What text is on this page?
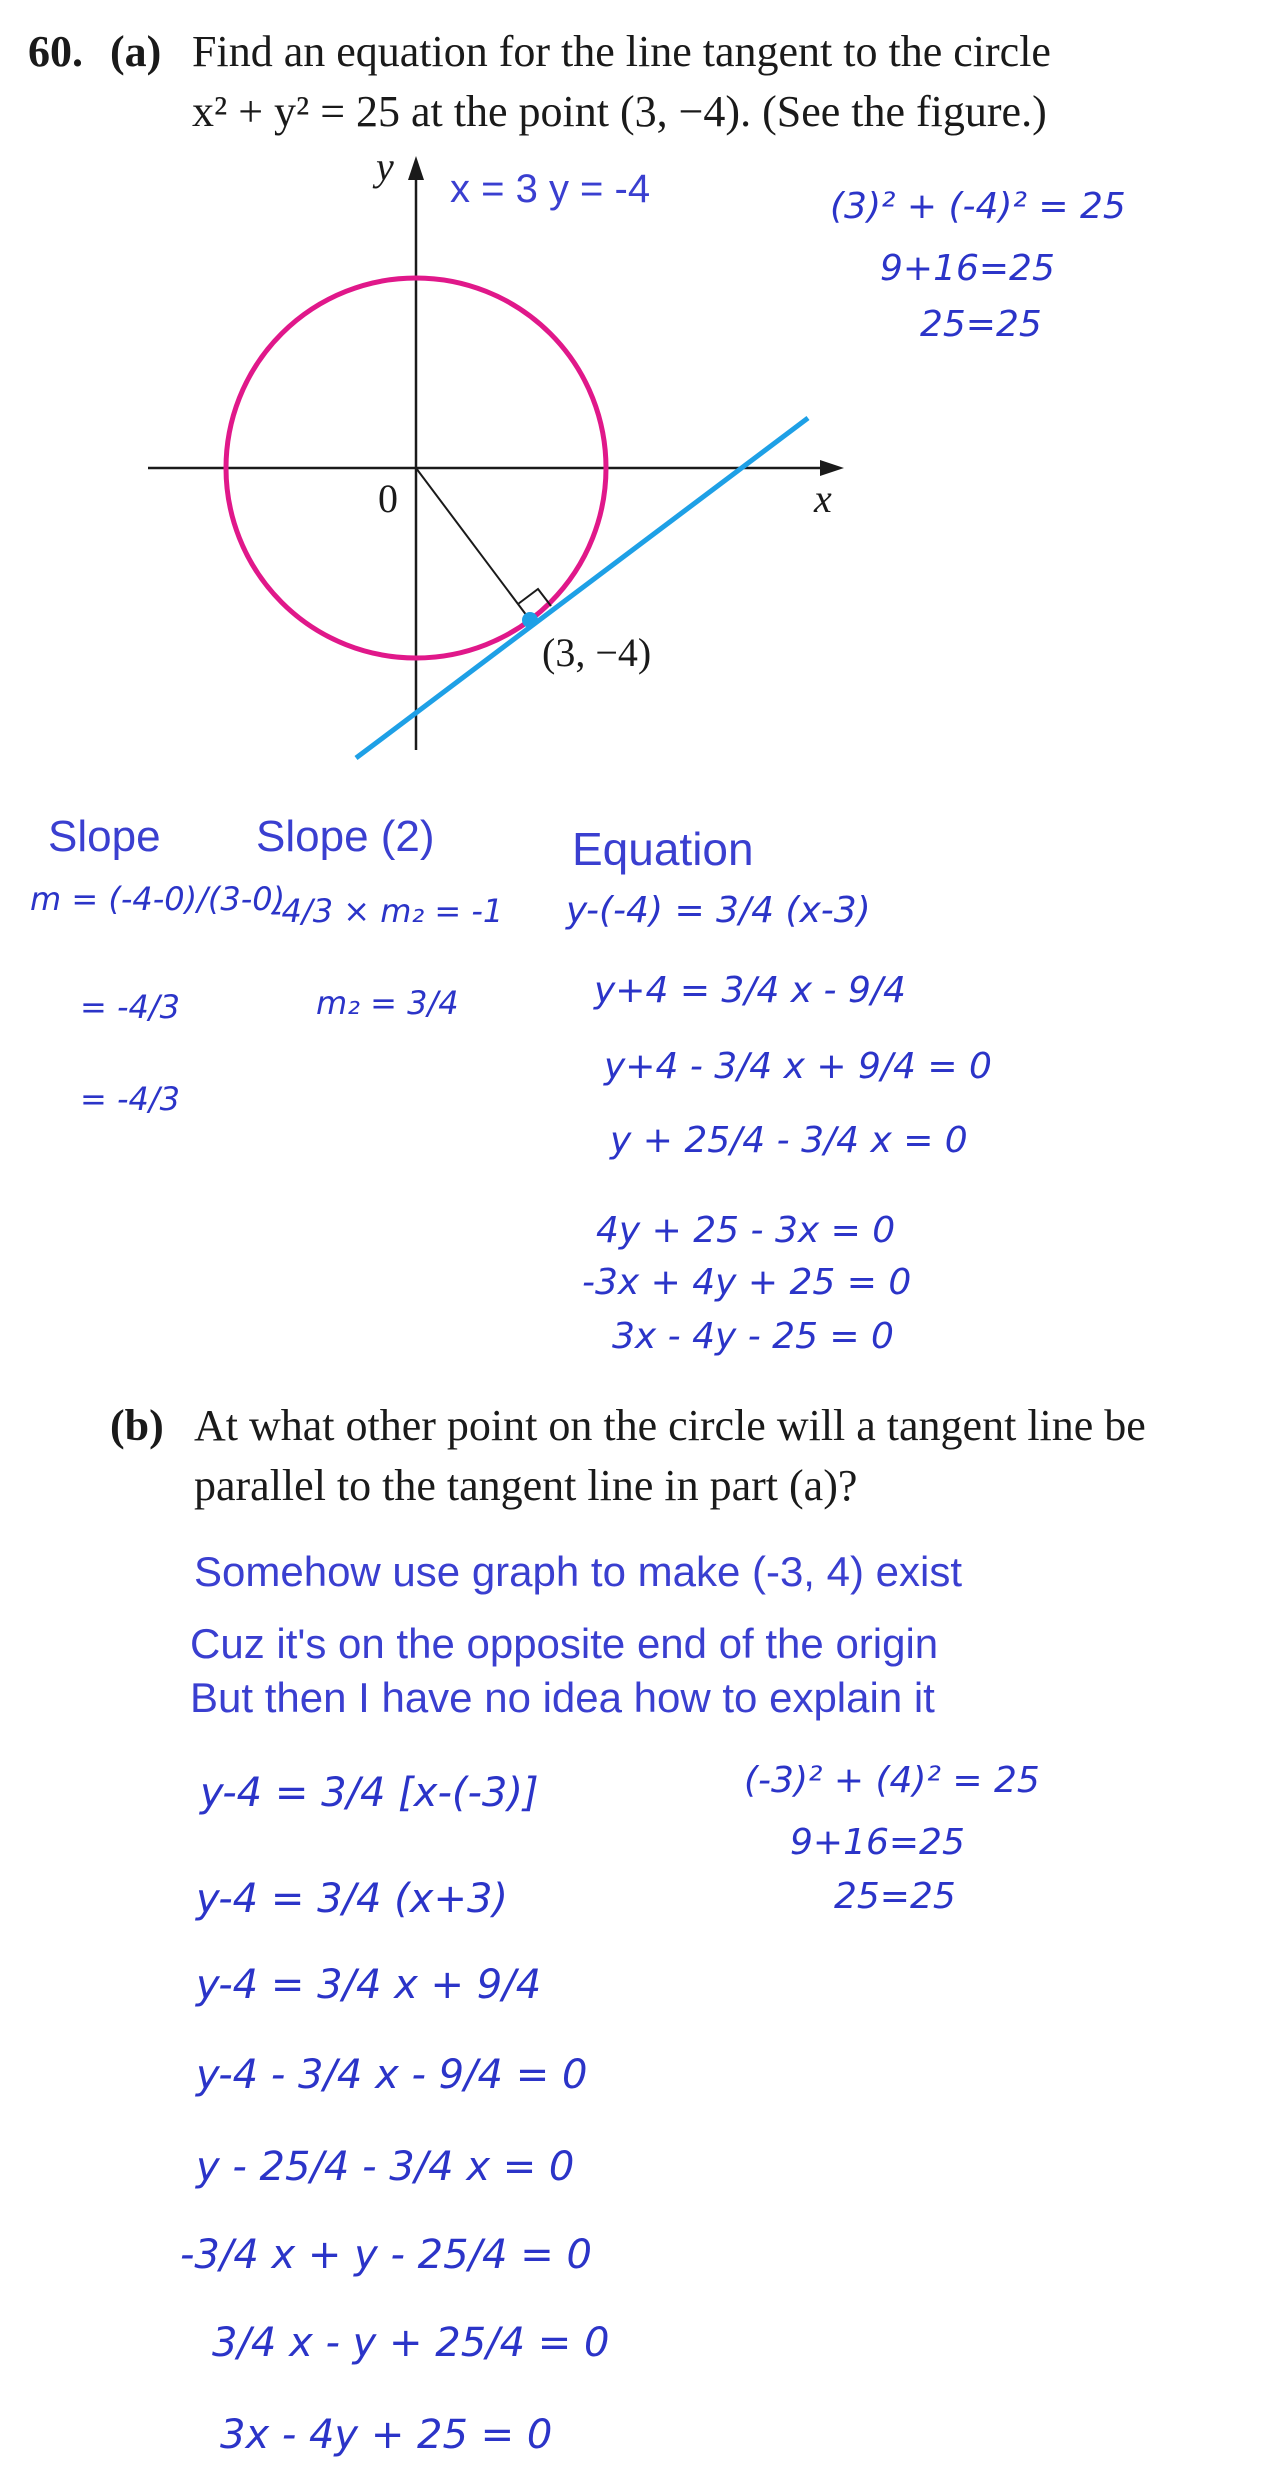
60. (a) Find an equation for the line tangent to the circle
x² + y² = 25 at the point (3, −4). (See the figure.)
y
x
0
(3, −4)
x = 3 y = -4	(3)² + (-4)² = 25
9+16=25
25=25
Slope
m = (-4-0)/(3-0)
= -4/3
= -4/3
Slope (2)
-4/3 × m₂ = -1
m₂ = 3/4
Equation
y-(-4) = 3/4 (x-3)
y+4 = 3/4 x - 9/4
y+4 - 3/4 x + 9/4 = 0
y + 25/4 - 3/4 x = 0
4y + 25 - 3x = 0
-3x + 4y + 25 = 0
3x - 4y - 25 = 0
(b) At what other point on the circle will a tangent line be
parallel to the tangent line in part (a)?
Somehow use graph to make (-3, 4) exist
Cuz it's on the opposite end of the origin
But then I have no idea how to explain it
y-4 = 3/4 [x-(-3)]
y-4 = 3/4 (x+3)
y-4 = 3/4 x + 9/4
y-4 - 3/4 x - 9/4 = 0
y - 25/4 - 3/4 x = 0
-3/4 x + y - 25/4 = 0
3/4 x - y + 25/4 = 0
3x - 4y + 25 = 0
(-3)² + (4)² = 25
9+16=25
25=25
